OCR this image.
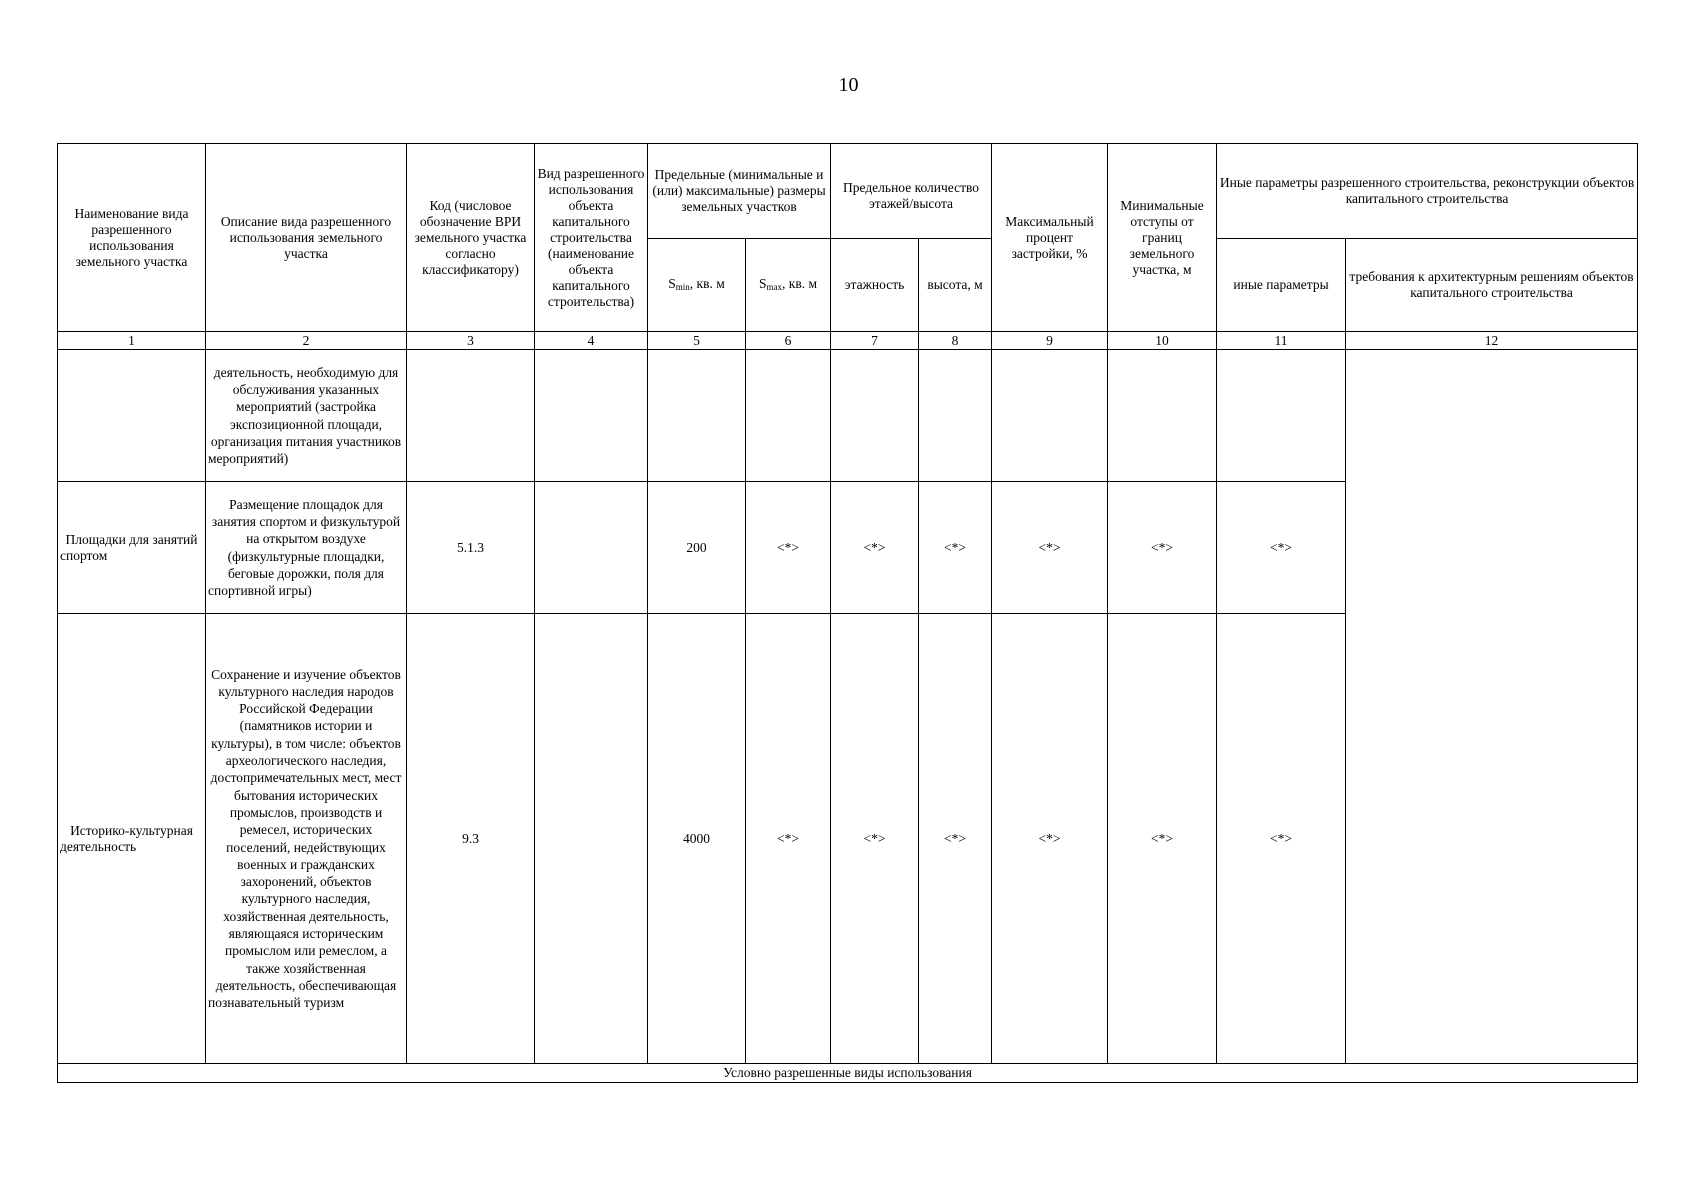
10
Наименование вида разрешенного использования земельного участка	Описание вида разрешенного использования земельного участка	Код (числовое обозначение ВРИ земельного участка согласно классификатору)	Вид разрешенного использования объекта капитального строительства (наименование объекта капитального строительства)	Предельные (минимальные и (или) максимальные) размеры земельных участков		Предельное количество этажей/высота		Максимальный процент застройки, %	Минимальные отступы от границ земельного участка, м	Иные параметры разрешенного строительства, реконструкции объектов капитального строительства	
				$S_{min}$, кв. м	$S_{max}$, кв. м	этажность	высота, м			иные параметры	требования к архитектурным решениям объектов капитального строительства
1	2	3	4	5	6	7	8	9	10	11	12
	деятельность, необходимую для обслуживания указанных мероприятий (застройка экспозиционной площади, организация питания участников мероприятий)										
Площадки для занятий спортом	Размещение площадок для занятия спортом и физкультурой на открытом воздухе (физкультурные площадки, беговые дорожки, поля для спортивной игры)	5.1.3		200	<*>	<*>	<*>	<*>	<*>	<*>	
Историко-культурная деятельность	Сохранение и изучение объектов культурного наследия народов Российской Федерации (памятников истории и культуры), в том числе: объектов археологического наследия, достопримечательных мест, мест бытования исторических промыслов, производств и ремесел, исторических поселений, недействующих военных и гражданских захоронений, объектов культурного наследия, хозяйственная деятельность, являющаяся историческим промыслом или ремеслом, а также хозяйственная деятельность, обеспечивающая познавательный туризм	9.3		4000	<*>	<*>	<*>	<*>	<*>	<*>	
Условно разрешенные виды использования											
